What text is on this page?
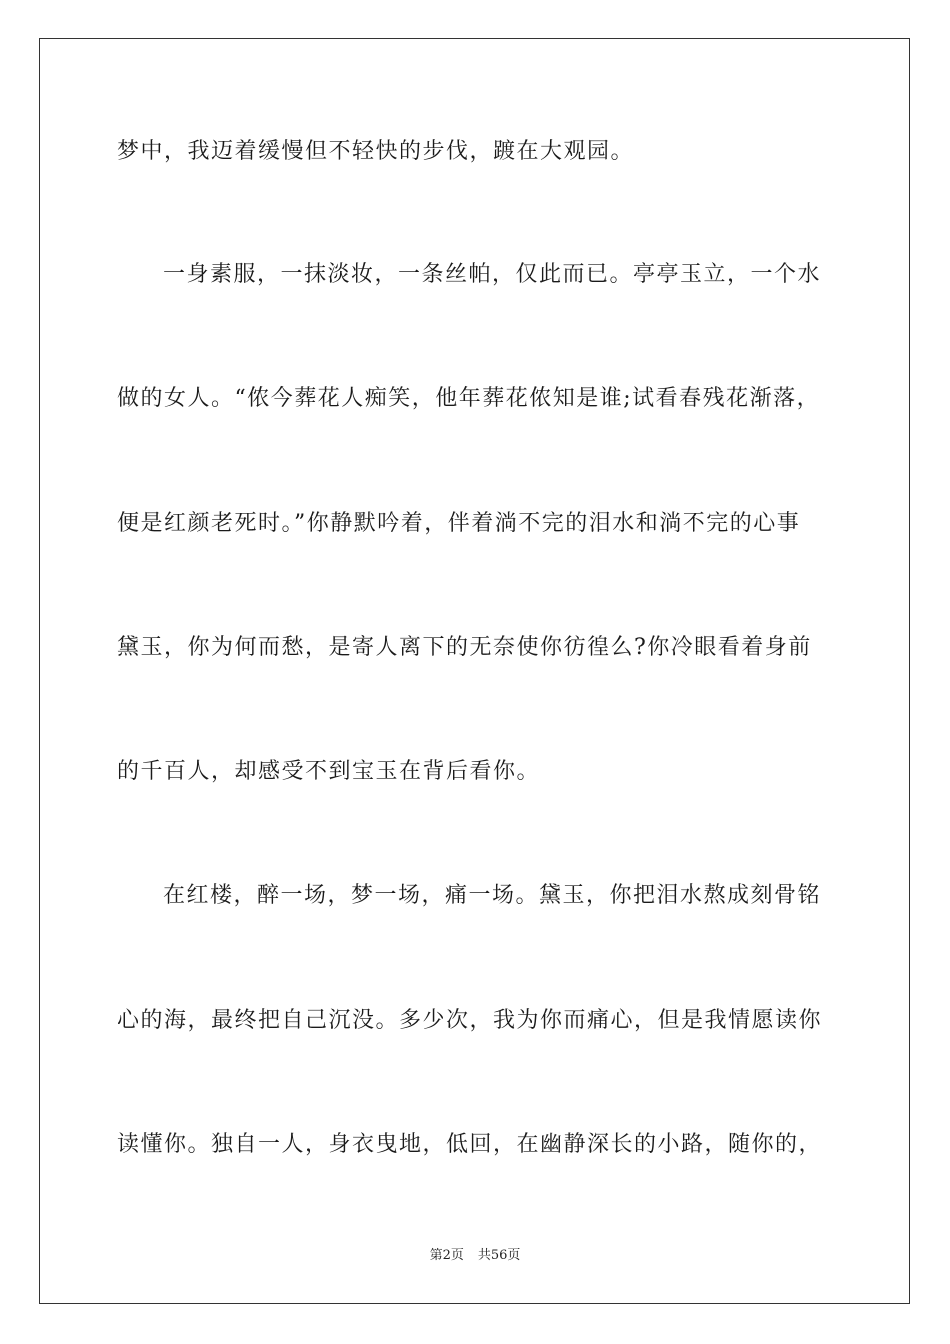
梦中，我迈着缓慢但不轻快的步伐，踱在大观园。
一身素服，一抹淡妆，一条丝帕，仅此而已。亭亭玉立，一个水
做的女人。“侬今葬花人痴笑，他年葬花侬知是谁;试看春残花渐落，
便是红颜老死时。”你静默吟着，伴着淌不完的泪水和淌不完的心事
黛玉，你为何而愁，是寄人离下的无奈使你彷徨么?你冷眼看着身前
的千百人，却感受不到宝玉在背后看你。
在红楼，醉一场，梦一场，痛一场。黛玉，你把泪水熬成刻骨铭
心的海，最终把自己沉没。多少次，我为你而痛心，但是我情愿读你
读懂你。独自一人，身衣曳地，低回，在幽静深长的小路，随你的，
第2页 共56页
